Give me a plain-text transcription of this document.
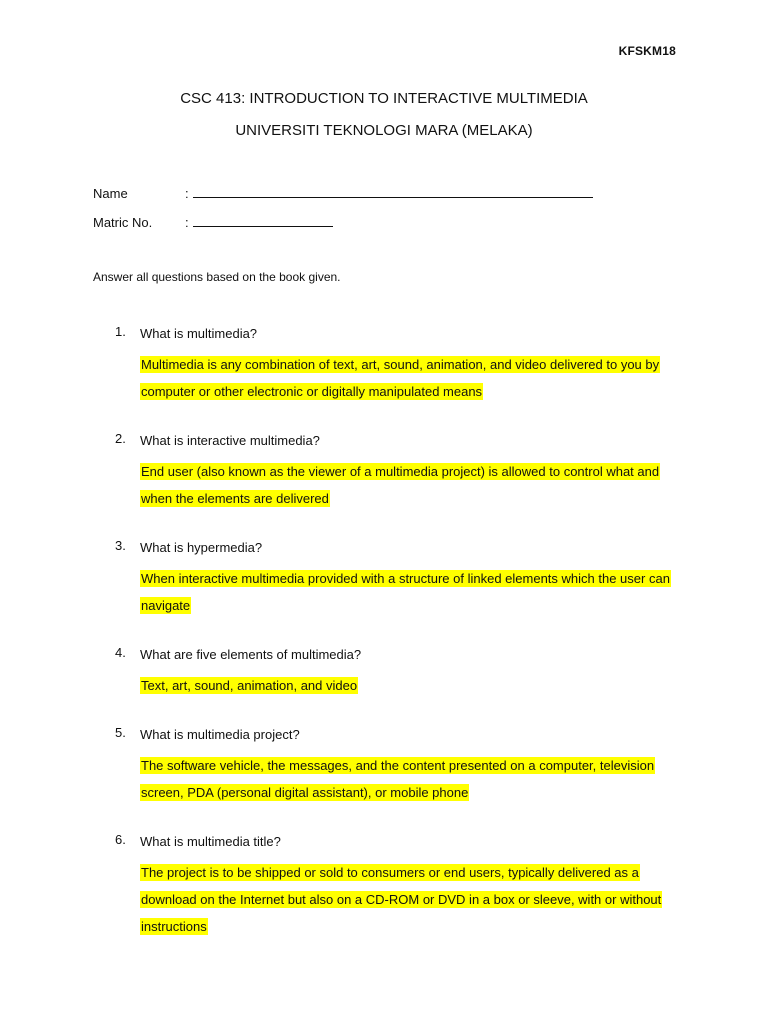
KFSKM18
CSC 413: INTRODUCTION TO INTERACTIVE MULTIMEDIA
UNIVERSITI TEKNOLOGI MARA (MELAKA)
Name	:
Matric No.	:
Answer all questions based on the book given.
1.	What is multimedia?
Multimedia is any combination of text, art, sound, animation, and video delivered to you by computer or other electronic or digitally manipulated means
2.	What is interactive multimedia?
End user (also known as the viewer of a multimedia project) is allowed to control what and when the elements are delivered
3.	What is hypermedia?
When interactive multimedia provided with a structure of linked elements which the user can navigate
4.	What are five elements of multimedia?
Text, art, sound, animation, and video
5.	What is multimedia project?
The software vehicle, the messages, and the content presented on a computer, television screen, PDA (personal digital assistant), or mobile phone
6.	What is multimedia title?
The project is to be shipped or sold to consumers or end users, typically delivered as a download on the Internet but also on a CD-ROM or DVD in a box or sleeve, with or without instructions
